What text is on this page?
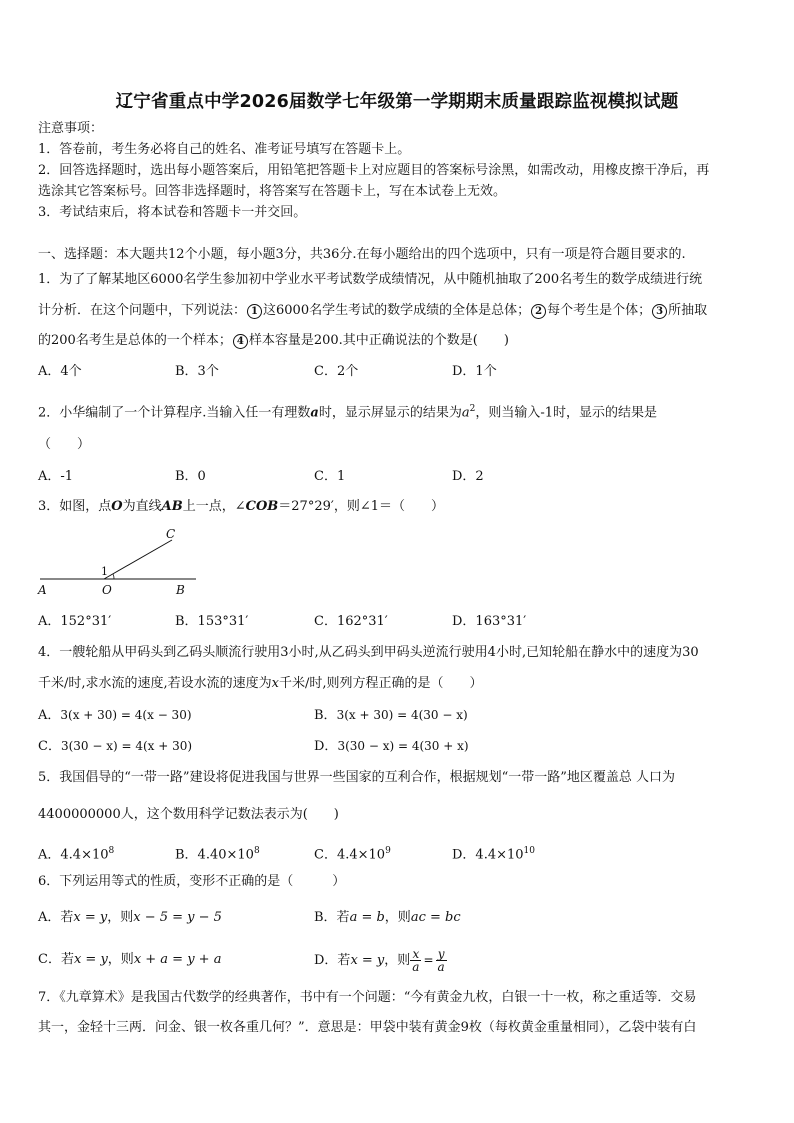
辽宁省重点中学2026届数学七年级第一学期期末质量跟踪监视模拟试题
注意事项：
1．答卷前，考生务必将自己的姓名、准考证号填写在答题卡上。
2．回答选择题时，选出每小题答案后，用铅笔把答题卡上对应题目的答案标号涂黑，如需改动，用橡皮擦干净后，再
选涂其它答案标号。回答非选择题时，将答案写在答题卡上，写在本试卷上无效。
3．考试结束后，将本试卷和答题卡一并交回。
一、选择题：本大题共12个小题，每小题3分，共36分.在每小题给出的四个选项中，只有一项是符合题目要求的.
1．为了了解某地区6000名学生参加初中学业水平考试数学成绩情况，从中随机抽取了200名考生的数学成绩进行统
计分析．在这个问题中，下列说法： 1 这6000名学生考试的数学成绩的全体是总体； 2 每个考生是个体； 3 所抽取
的200名考生是总体的一个样本； 4 样本容量是200.其中正确说法的个数是(　　)
A．4个	B．3个	C．2个	D．1个
2．小华编制了一个计算程序.当输入任一有理数a时，显示屏显示的结果为$a^2$，则当输入-1时，显示的结果是
（　　）
A．-1	B．0	C．1	D．2
3．如图，点O为直线AB上一点，∠COB＝27°29′，则∠1＝（　　）
C
1
A	O	B
A．152°31′	B．153°31′	C．162°31′	D．163°31′
4．一艘轮船从甲码头到乙码头顺流行驶用3小时,从乙码头到甲码头逆流行驶用4小时,已知轮船在静水中的速度为30
千米/时,求水流的速度,若设水流的速度为x千米/时,则列方程正确的是（　　）
A．3(x + 30) = 4(x − 30)	B．3(x + 30) = 4(30 − x)
C．3(30 − x) = 4(x + 30)	D．3(30 − x) = 4(30 + x)
5．我国倡导的“一带一路”建设将促进我国与世界一些国家的互利合作，根据规划“一带一路”地区覆盖总 人口为
4400000000人，这个数用科学记数法表示为(　　)
A．$4.4\times 10^8$	B．$4.40\times 10^8$	C．$4.4\times 10^9$	D．$4.4\times 10^{10}$
6．下列运用等式的性质，变形不正确的是（　　　）
A．若x = y，则x − 5 = y − 5	B．若a = b，则ac = bc
C．若x = y，则x + a = y + a	D．若x = y，则 $\frac{x}{a} = \frac{y}{a}$
7．《九章算术》是我国古代数学的经典著作，书中有一个问题：“今有黄金九枚，白银一十一枚，称之重适等．交易
其一，金轻十三两．问金、银一枚各重几何？”．意思是：甲袋中装有黄金9枚（每枚黄金重量相同），乙袋中装有白
